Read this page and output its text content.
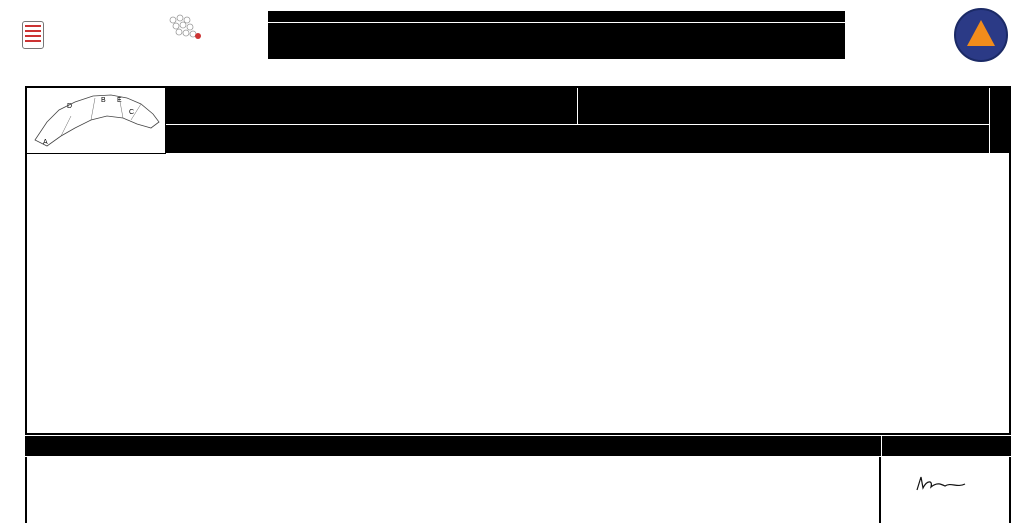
A
D
B E
C
